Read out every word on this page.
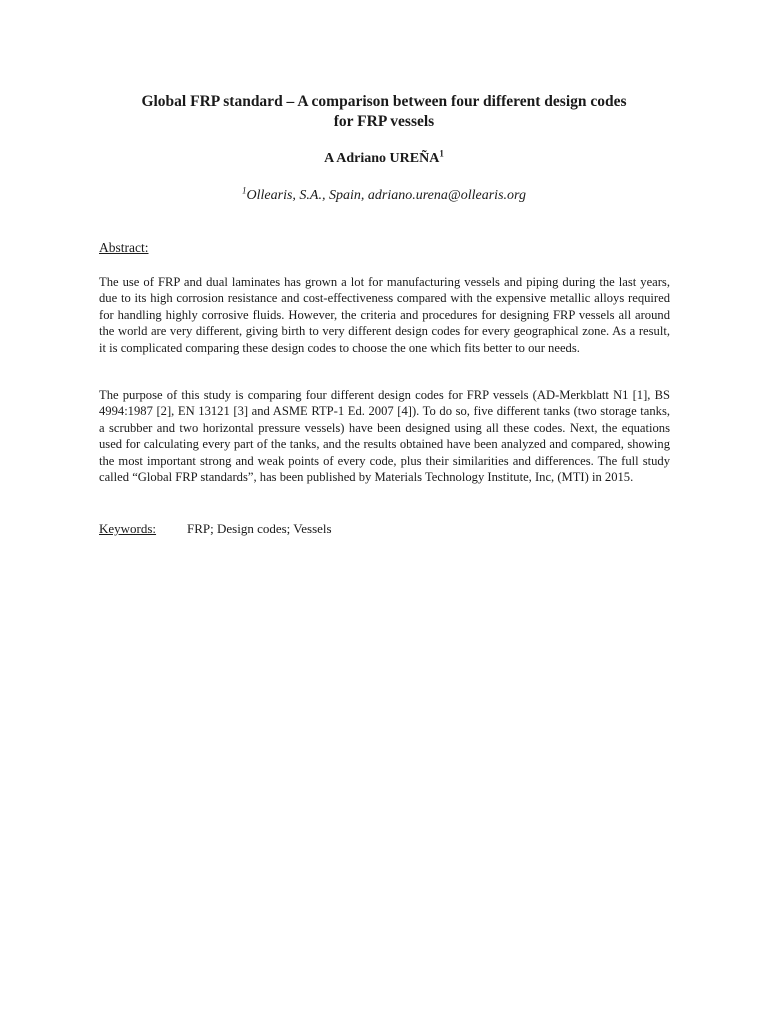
Global FRP standard – A comparison between four different design codes
for FRP vessels
A Adriano UREÑA$^1$
$^1$Ollearis, S.A., Spain, adriano.urena@ollearis.org
Abstract:

The use of FRP and dual laminates has grown a lot for manufacturing vessels and piping during the last years, due to its high corrosion resistance and cost-effectiveness compared with the expensive metallic alloys required for handling highly corrosive fluids. However, the criteria and procedures for designing FRP vessels all around the world are very different, giving birth to very different design codes for every geographical zone. As a result, it is complicated comparing these design codes to choose the one which fits better to our needs.

The purpose of this study is comparing four different design codes for FRP vessels (AD-Merkblatt N1 [1], BS 4994:1987 [2], EN 13121 [3] and ASME RTP-1 Ed. 2007 [4]). To do so, five different tanks (two storage tanks, a scrubber and two horizontal pressure vessels) have been designed using all these codes. Next, the equations used for calculating every part of the tanks, and the results obtained have been analyzed and compared, showing the most important strong and weak points of every code, plus their similarities and differences. The full study called “Global FRP standards”, has been published by Materials Technology Institute, Inc, (MTI) in 2015.

Keywords: FRP; Design codes; Vessels
